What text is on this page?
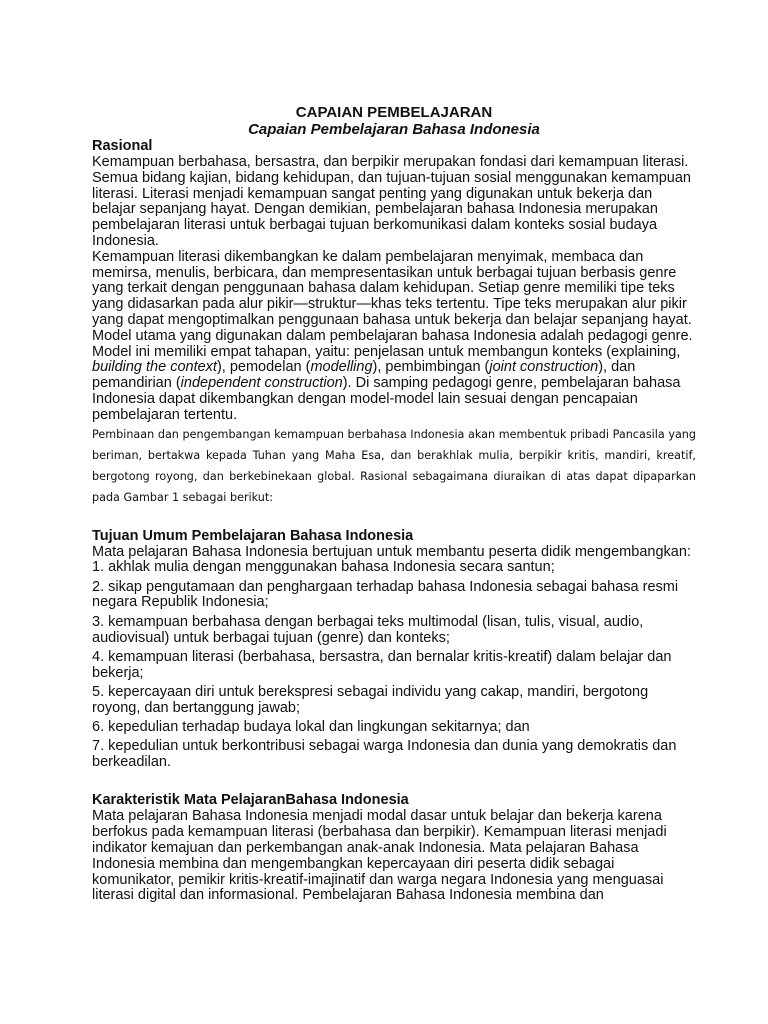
CAPAIAN PEMBELAJARAN

Capaian Pembelajaran Bahasa Indonesia

Rasional

Kemampuan berbahasa, bersastra, dan berpikir merupakan fondasi dari kemampuan literasi. Semua bidang kajian, bidang kehidupan, dan tujuan-tujuan sosial menggunakan kemampuan literasi. Literasi menjadi kemampuan sangat penting yang digunakan untuk bekerja dan belajar sepanjang hayat. Dengan demikian, pembelajaran bahasa Indonesia merupakan pembelajaran literasi untuk berbagai tujuan berkomunikasi dalam konteks sosial budaya Indonesia.

Kemampuan literasi dikembangkan ke dalam pembelajaran menyimak, membaca dan memirsa, menulis, berbicara, dan mempresentasikan untuk berbagai tujuan berbasis genre yang terkait dengan penggunaan bahasa dalam kehidupan. Setiap genre memiliki tipe teks yang didasarkan pada alur pikir—struktur—khas teks tertentu. Tipe teks merupakan alur pikir yang dapat mengoptimalkan penggunaan bahasa untuk bekerja dan belajar sepanjang hayat.

Model utama yang digunakan dalam pembelajaran bahasa Indonesia adalah pedagogi genre. Model ini memiliki empat tahapan, yaitu: penjelasan untuk membangun konteks (explaining, building the context), pemodelan (modelling), pembimbingan (joint construction), dan pemandirian (independent construction). Di samping pedagogi genre, pembelajaran bahasa Indonesia dapat dikembangkan dengan model-model lain sesuai dengan pencapaian pembelajaran tertentu.

Pembinaan dan pengembangan kemampuan berbahasa Indonesia akan membentuk pribadi Pancasila yang beriman, bertakwa kepada Tuhan yang Maha Esa, dan berakhlak mulia, berpikir kritis, mandiri, kreatif, bergotong royong, dan berkebinekaan global. Rasional sebagaimana diuraikan di atas dapat dipaparkan pada Gambar 1 sebagai berikut:

Tujuan Umum Pembelajaran Bahasa Indonesia

Mata pelajaran Bahasa Indonesia bertujuan untuk membantu peserta didik mengembangkan:

1. akhlak mulia dengan menggunakan bahasa Indonesia secara santun;
2. sikap pengutamaan dan penghargaan terhadap bahasa Indonesia sebagai bahasa resmi negara Republik Indonesia;
3. kemampuan berbahasa dengan berbagai teks multimodal (lisan, tulis, visual, audio, audiovisual) untuk berbagai tujuan (genre) dan konteks;
4. kemampuan literasi (berbahasa, bersastra, dan bernalar kritis-kreatif) dalam belajar dan bekerja;
5. kepercayaan diri untuk berekspresi sebagai individu yang cakap, mandiri, bergotong royong, dan bertanggung jawab;
6. kepedulian terhadap budaya lokal dan lingkungan sekitarnya; dan
7. kepedulian untuk berkontribusi sebagai warga Indonesia dan dunia yang demokratis dan berkeadilan.

Karakteristik Mata PelajaranBahasa Indonesia

Mata pelajaran Bahasa Indonesia menjadi modal dasar untuk belajar dan bekerja karena berfokus pada kemampuan literasi (berbahasa dan berpikir). Kemampuan literasi menjadi indikator kemajuan dan perkembangan anak-anak Indonesia. Mata pelajaran Bahasa Indonesia membina dan mengembangkan kepercayaan diri peserta didik sebagai komunikator, pemikir kritis-kreatif-imajinatif dan warga negara Indonesia yang menguasai literasi digital dan informasional. Pembelajaran Bahasa Indonesia membina dan
